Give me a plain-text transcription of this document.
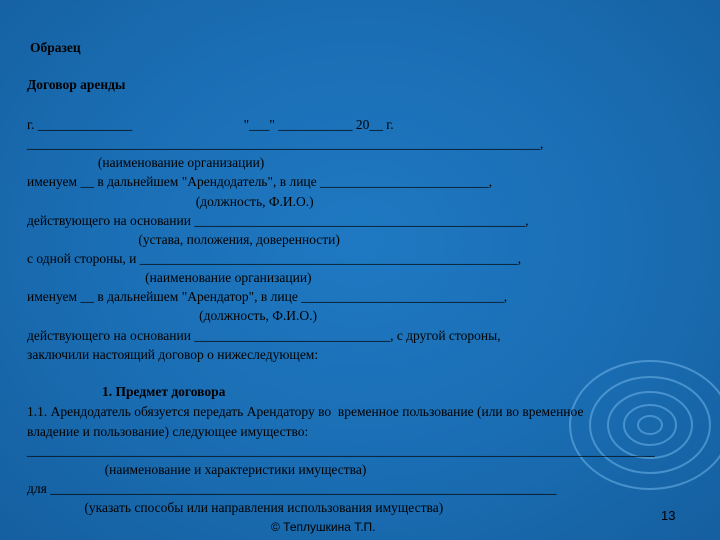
Образец
Договор аренды
г. ______________                                 "___" ___________ 20__ г.
____________________________________________________________________________,
(наименование организации)
именуем __ в дальнейшем "Арендодатель", в лице _________________________,
(должность, Ф.И.О.)
действующего на основании _________________________________________________,
(устава, положения, доверенности)
с одной стороны, и ________________________________________________________,
(наименование организации)
именуем __ в дальнейшем "Арендатор", в лице ______________________________,
(должность, Ф.И.О.)
действующего на основании _____________________________, с другой стороны,
заключили настоящий договор о нижеследующем:
1. Предмет договора
1.1. Арендодатель обязуется передать Арендатору во  временное пользование (или во временное
владение и пользование) следующее имущество:
_____________________________________________________________________________________________
(наименование и характеристики имущества)
для ___________________________________________________________________________
(указать способы или направления использования имущества)
© Теплушкина Т.П.
13
